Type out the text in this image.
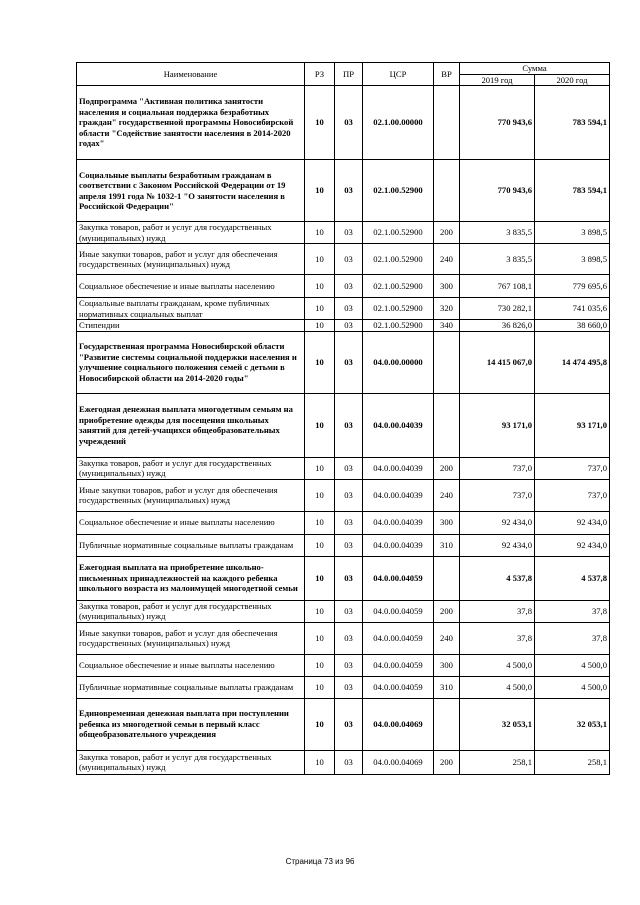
Наименование	РЗ	ПР	ЦСР	ВР	Сумма	
					2019 год	2020 год
Подпрограмма "Активная политика занятости населения и социальная поддержка безработных граждан" государственной программы Новосибирской области "Содействие занятости населения в 2014-2020 годах"	10	03	02.1.00.00000		770 943,6	783 594,1
Социальные выплаты безработным гражданам в соответствии с Законом Российской Федерации от 19 апреля 1991 года № 1032-1 "О занятости населения в Российской Федерации"	10	03	02.1.00.52900		770 943,6	783 594,1
Закупка товаров, работ и услуг для государственных (муниципальных) нужд	10	03	02.1.00.52900	200	3 835,5	3 898,5
Иные закупки товаров, работ и услуг для обеспечения государственных (муниципальных) нужд	10	03	02.1.00.52900	240	3 835,5	3 898,5
Социальное обеспечение и иные выплаты населению	10	03	02.1.00.52900	300	767 108,1	779 695,6
Социальные выплаты гражданам, кроме публичных нормативных социальных выплат	10	03	02.1.00.52900	320	730 282,1	741 035,6
Стипендии	10	03	02.1.00.52900	340	36 826,0	38 660,0
Государственная программа Новосибирской области "Развитие системы социальной поддержки населения и улучшение социального положения семей с детьми в Новосибирской области на 2014-2020 годы"	10	03	04.0.00.00000		14 415 067,0	14 474 495,8
Ежегодная денежная выплата многодетным семьям на приобретение одежды для посещения школьных занятий для детей-учащихся общеобразовательных учреждений	10	03	04.0.00.04039		93 171,0	93 171,0
Закупка товаров, работ и услуг для государственных (муниципальных) нужд	10	03	04.0.00.04039	200	737,0	737,0
Иные закупки товаров, работ и услуг для обеспечения государственных (муниципальных) нужд	10	03	04.0.00.04039	240	737,0	737,0
Социальное обеспечение и иные выплаты населению	10	03	04.0.00.04039	300	92 434,0	92 434,0
Публичные нормативные социальные выплаты гражданам	10	03	04.0.00.04039	310	92 434,0	92 434,0
Ежегодная выплата на приобретение школьно-письменных принадлежностей на каждого ребенка школьного возраста из малоимущей многодетной семьи	10	03	04.0.00.04059		4 537,8	4 537,8
Закупка товаров, работ и услуг для государственных (муниципальных) нужд	10	03	04.0.00.04059	200	37,8	37,8
Иные закупки товаров, работ и услуг для обеспечения государственных (муниципальных) нужд	10	03	04.0.00.04059	240	37,8	37,8
Социальное обеспечение и иные выплаты населению	10	03	04.0.00.04059	300	4 500,0	4 500,0
Публичные нормативные социальные выплаты гражданам	10	03	04.0.00.04059	310	4 500,0	4 500,0
Единовременная денежная выплата при поступлении ребенка из многодетной семьи в первый класс общеобразовательного учреждения	10	03	04.0.00.04069		32 053,1	32 053,1
Закупка товаров, работ и услуг для государственных (муниципальных) нужд	10	03	04.0.00.04069	200	258,1	258,1
Страница 73 из 96
